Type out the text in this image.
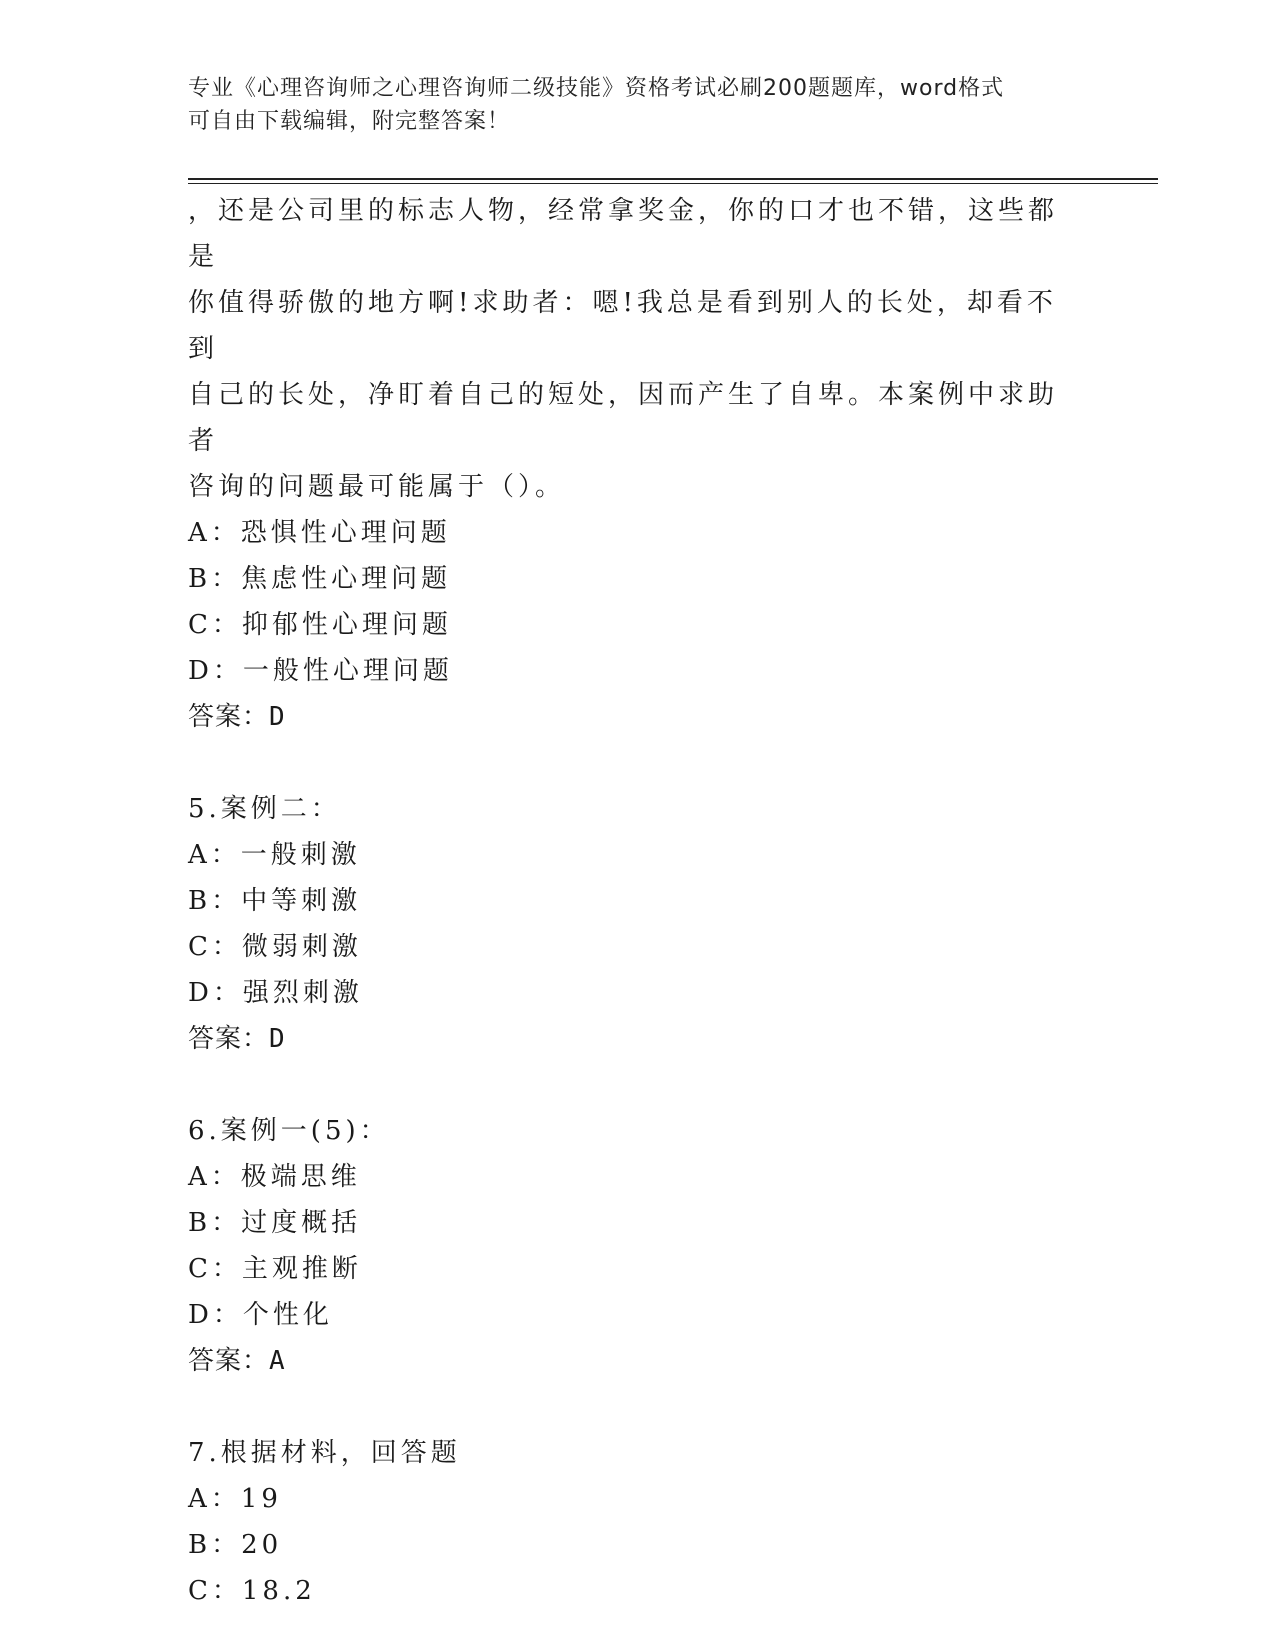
专业《心理咨询师之心理咨询师二级技能》资格考试必刷200题题库，word格式
可自由下载编辑，附完整答案！

，还是公司里的标志人物，经常拿奖金，你的口才也不错，这些都是

你值得骄傲的地方啊!求助者：嗯!我总是看到别人的长处，却看不到

自己的长处，净盯着自己的短处，因而产生了自卑。本案例中求助者

咨询的问题最可能属于（）。

A：恐惧性心理问题

B：焦虑性心理问题

C：抑郁性心理问题

D：一般性心理问题

答案：D

5.案例二：

A：一般刺激

B：中等刺激

C：微弱刺激

D：强烈刺激

答案：D

6.案例一(5)：

A：极端思维

B：过度概括

C：主观推断

D：个性化

答案：A

7.根据材料，回答题

A：19

B：20

C：18.2
